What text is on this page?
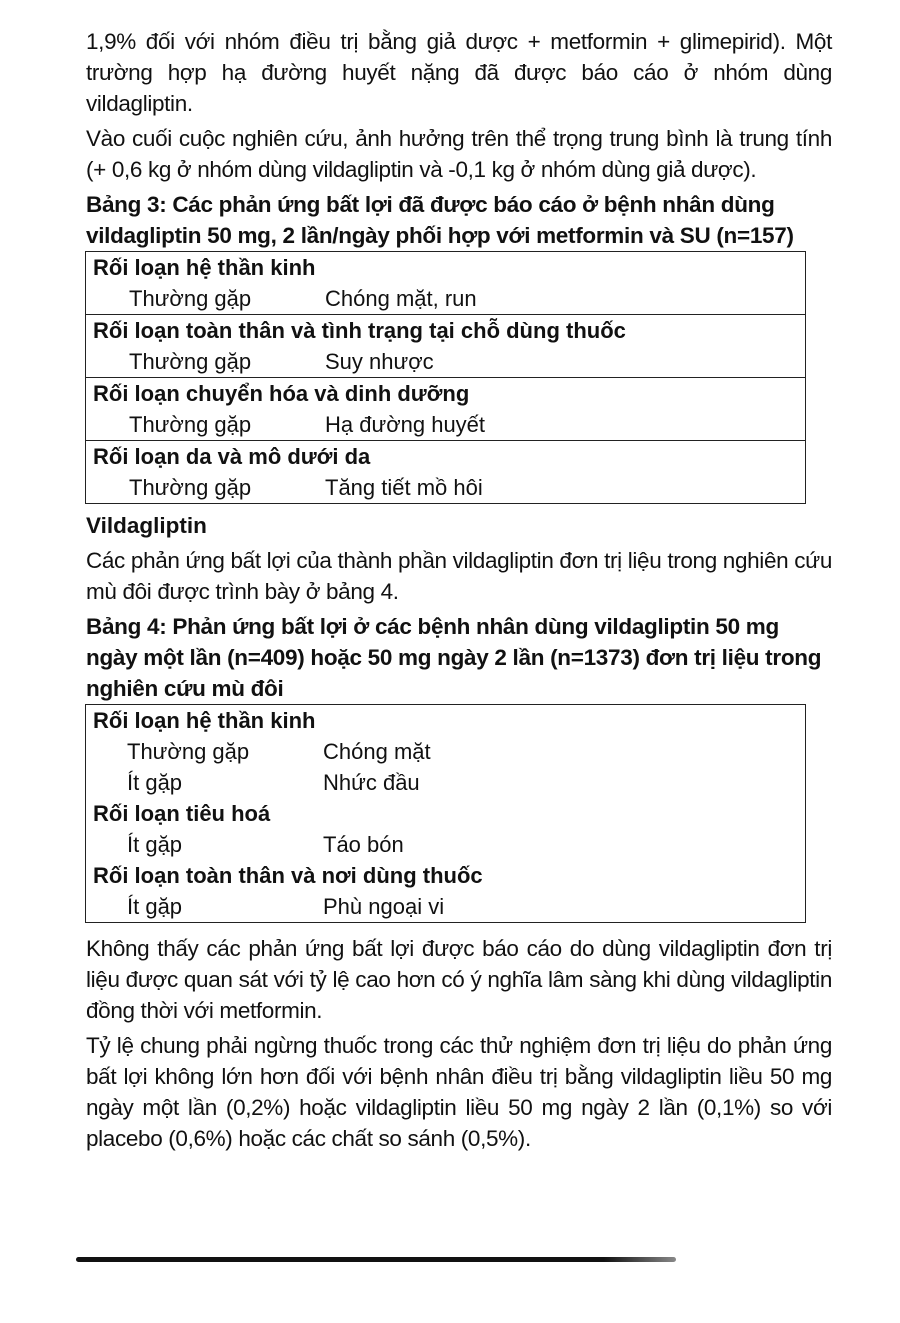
1,9% đối với nhóm điều trị bằng giả dược + metformin + glimepirid). Một trường hợp hạ đường huyết nặng đã được báo cáo ở nhóm dùng vildagliptin.

Vào cuối cuộc nghiên cứu, ảnh hưởng trên thể trọng trung bình là trung tính (+ 0,6 kg ở nhóm dùng vildagliptin và -0,1 kg ở nhóm dùng giả dược).

Bảng 3: Các phản ứng bất lợi đã được báo cáo ở bệnh nhân dùng vildagliptin 50 mg, 2 lần/ngày phối hợp với metformin và SU (n=157)

Rối loạn hệ thần kinh
Thường gặp	Chóng mặt, run

Rối loạn toàn thân và tình trạng tại chỗ dùng thuốc
Thường gặp	Suy nhược

Rối loạn chuyển hóa và dinh dưỡng
Thường gặp	Hạ đường huyết

Rối loạn da và mô dưới da
Thường gặp	Tăng tiết mồ hôi

Vildagliptin

Các phản ứng bất lợi của thành phần vildagliptin đơn trị liệu trong nghiên cứu mù đôi được trình bày ở bảng 4.

Bảng 4: Phản ứng bất lợi ở các bệnh nhân dùng vildagliptin 50 mg ngày một lần (n=409) hoặc 50 mg ngày 2 lần (n=1373) đơn trị liệu trong nghiên cứu mù đôi

Rối loạn hệ thần kinh
Thường gặp	Chóng mặt
Ít gặp	Nhức đầu
Rối loạn tiêu hoá
Ít gặp	Táo bón
Rối loạn toàn thân và nơi dùng thuốc
Ít gặp	Phù ngoại vi

Không thấy các phản ứng bất lợi được báo cáo do dùng vildagliptin đơn trị liệu được quan sát với tỷ lệ cao hơn có ý nghĩa lâm sàng khi dùng vildagliptin đồng thời với metformin.

Tỷ lệ chung phải ngừng thuốc trong các thử nghiệm đơn trị liệu do phản ứng bất lợi không lớn hơn đối với bệnh nhân điều trị bằng vildagliptin liều 50 mg ngày một lần (0,2%) hoặc vildagliptin liều 50 mg ngày 2 lần (0,1%) so với placebo (0,6%) hoặc các chất so sánh (0,5%).
